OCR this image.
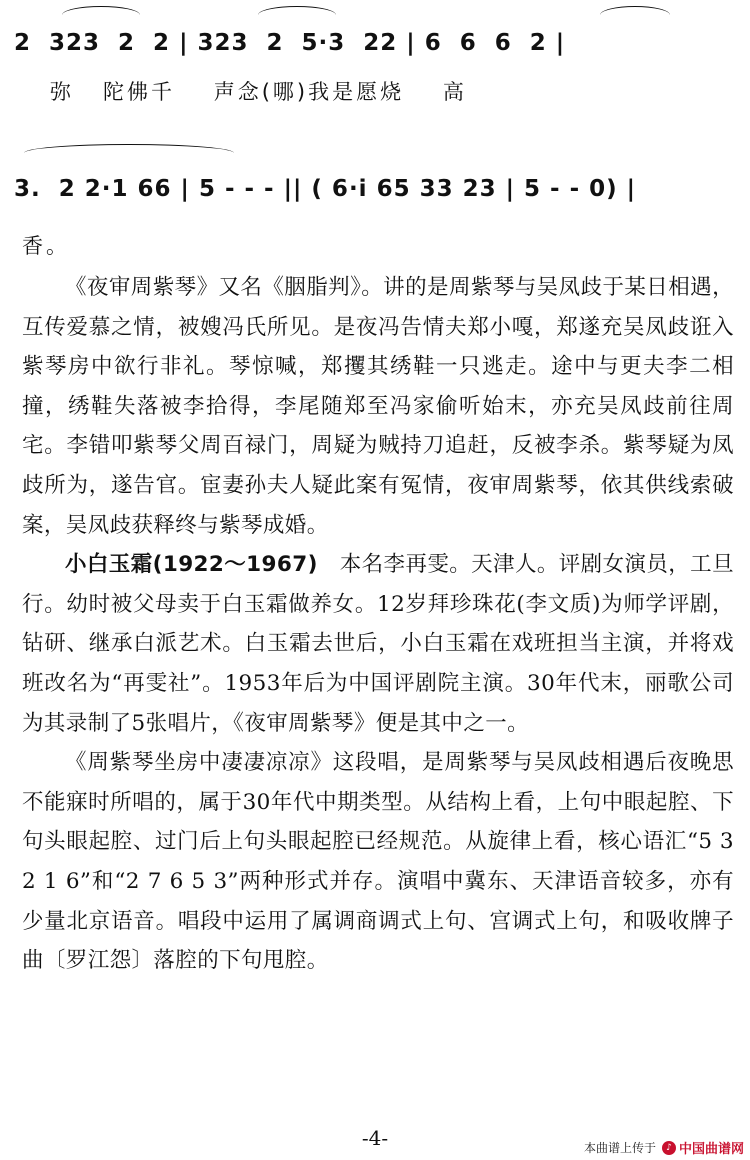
2  323  2  2 | 323  2  5·3  22 | 6  6  6  2 |
弥   陀佛千    声念(哪)我是愿烧    高
3.  2 2·1 66 | 5 - - - || ( 6·i 65 33 23 | 5 - - 0) |
香。

《夜审周紫琴》又名《胭脂判》。讲的是周紫琴与吴凤歧于某日相遇，互传爱慕之情，被嫂冯氏所见。是夜冯告情夫郑小嘎，郑遂充吴凤歧诳入紫琴房中欲行非礼。琴惊喊，郑攫其绣鞋一只逃走。途中与更夫李二相撞，绣鞋失落被李拾得，李尾随郑至冯家偷听始末，亦充吴凤歧前往周宅。李错叩紫琴父周百禄门，周疑为贼持刀追赶，反被李杀。紫琴疑为凤歧所为，遂告官。宦妻孙夫人疑此案有冤情，夜审周紫琴，依其供线索破案，吴凤歧获释终与紫琴成婚。

小白玉霜(1922～1967)　本名李再雯。天津人。评剧女演员，工旦行。幼时被父母卖于白玉霜做养女。12岁拜珍珠花(李文质)为师学评剧，钻研、继承白派艺术。白玉霜去世后，小白玉霜在戏班担当主演，并将戏班改名为“再雯社”。1953年后为中国评剧院主演。30年代末，丽歌公司为其录制了5张唱片，《夜审周紫琴》便是其中之一。

《周紫琴坐房中凄凄凉凉》这段唱，是周紫琴与吴凤歧相遇后夜晚思不能寐时所唱的，属于30年代中期类型。从结构上看，上句中眼起腔、下句头眼起腔、过门后上句头眼起腔已经规范。从旋律上看，核心语汇“5 3 2 1 6”和“2 7 6 5 3”两种形式并存。演唱中冀东、天津语音较多，亦有少量北京语音。唱段中运用了属调商调式上句、宫调式上句，和吸收牌子曲〔罗江怨〕落腔的下句甩腔。

-4-	本曲谱上传于	♪ 中国曲谱网
